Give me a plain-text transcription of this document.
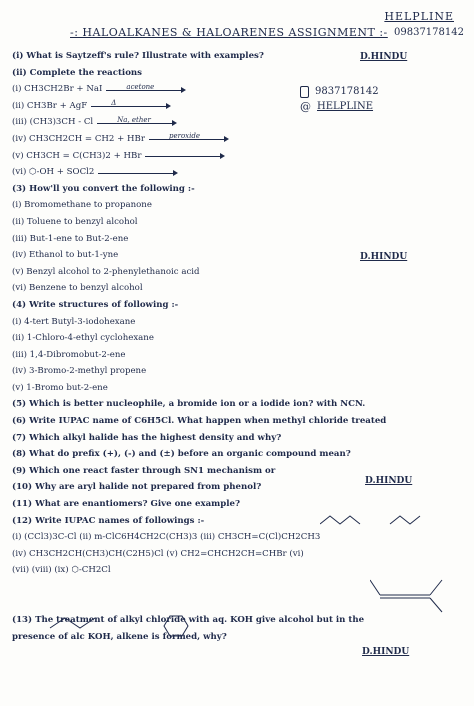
HELPLINE
09837178142
-: HALOALKANES & HALOARENES ASSIGNMENT :-
D.HINDU
D.HINDU
D.HINDU
D.HINDU
9837178142
@ HELPLINE
(i) What is Saytzeff's rule? Illustrate with examples?
(ii) Complete the reactions
(i) CH3CH2Br + NaI	acetone
(ii) CH3Br + AgF	Δ
(iii) (CH3)3CH - Cl	Na, ether
(iv) CH3CH2CH = CH2 + HBr	peroxide
(v) CH3CH = C(CH3)2 + HBr
(vi) ⬡-OH + SOCl2
(3) How'll you convert the following :-
(i) Bromomethane to propanone
(ii) Toluene to benzyl alcohol
(iii) But-1-ene to But-2-ene
(iv) Ethanol to but-1-yne
(v) Benzyl alcohol to 2-phenylethanoic acid
(vi) Benzene to benzyl alcohol
(4) Write structures of following :-
(i) 4-tert Butyl-3-iodohexane
(ii) 1-Chloro-4-ethyl cyclohexane
(iii) 1,4-Dibromobut-2-ene
(iv) 3-Bromo-2-methyl propene
(v) 1-Bromo but-2-ene
(5) Which is better nucleophile, a bromide ion or a iodide ion? with NCN.
(6) Write IUPAC name of C6H5Cl. What happen when methyl chloride treated
(7) Which alkyl halide has the highest density and why?
(8) What do prefix (+), (-) and (±) before an organic compound mean?
(9) Which one react faster through SN1 mechanism or
(10) Why are aryl halide not prepared from phenol?
(11) What are enantiomers? Give one example?
(12) Write IUPAC names of followings :-
(i) (CCl3)3C-Cl (ii) m-ClC6H4CH2C(CH3)3 (iii) CH3CH=C(Cl)CH2CH3
(iv) CH3CH2CH(CH3)CH(C2H5)Cl (v) CH2=CHCH2CH=CHBr (vi)
(vii) (viii) (ix) ⬡-CH2Cl
(13) The treatment of alkyl chloride with aq. KOH give alcohol but in the
presence of alc KOH, alkene is formed, why?
